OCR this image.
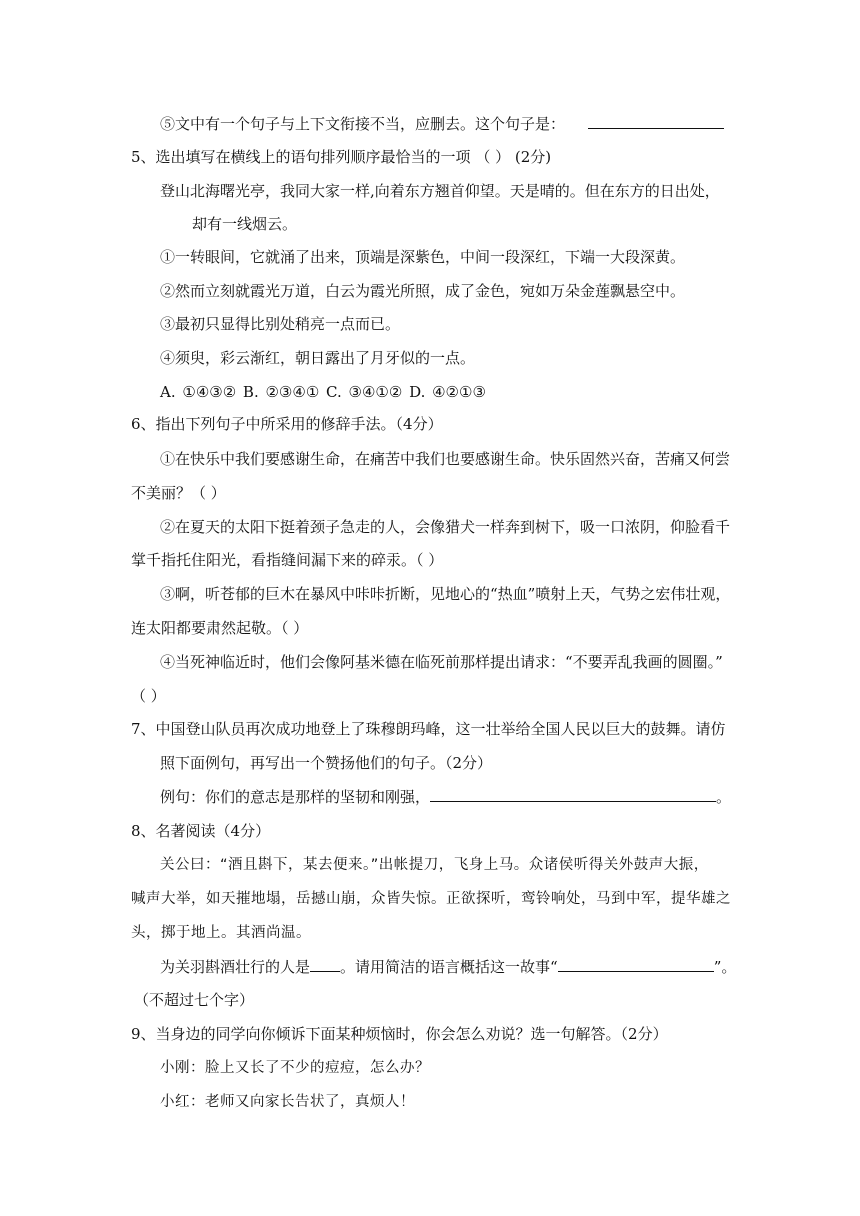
⑤文中有一个句子与上下文衔接不当，应删去。这个句子是：
5、选出填写在横线上的语句排列顺序最恰当的一项 （ ） (2分)
登山北海曙光亭，我同大家一样,向着东方翘首仰望。天是晴的。但在东方的日出处，
却有一线烟云。
①一转眼间，它就涌了出来，顶端是深紫色，中间一段深红，下端一大段深黄。
②然而立刻就霞光万道，白云为霞光所照，成了金色，宛如万朵金莲飘悬空中。
③最初只显得比别处稍亮一点而已。
④须臾，彩云渐红，朝日露出了月牙似的一点。
A. ①④③② B. ②③④① C. ③④①② D. ④②①③
6、指出下列句子中所采用的修辞手法。（4分）
①在快乐中我们要感谢生命，在痛苦中我们也要感谢生命。快乐固然兴奋，苦痛又何尝
不美丽？（ ）
②在夏天的太阳下挺着颈子急走的人，会像猎犬一样奔到树下，吸一口浓阴，仰脸看千
掌千指托住阳光，看指缝间漏下来的碎汞。（ ）
③啊，听苍郁的巨木在暴风中咔咔折断，见地心的“热血”喷射上天，气势之宏伟壮观，
连太阳都要肃然起敬。（ ）
④当死神临近时，他们会像阿基米德在临死前那样提出请求：“不要弄乱我画的圆圈。”
（ ）
7、中国登山队员再次成功地登上了珠穆朗玛峰，这一壮举给全国人民以巨大的鼓舞。请仿
照下面例句，再写出一个赞扬他们的句子。（2分）
例句：你们的意志是那样的坚韧和刚强，	。
8、名著阅读（4分）
关公曰：“酒且斟下，某去便来。”出帐提刀，飞身上马。众诸侯听得关外鼓声大振，
喊声大举，如天摧地塌，岳撼山崩，众皆失惊。正欲探听，鸾铃响处，马到中军，提华雄之
头，掷于地上。其酒尚温。
为关羽斟酒壮行的人是 。请用简洁的语言概括这一故事“	”。
（不超过七个字）
9、当身边的同学向你倾诉下面某种烦恼时，你会怎么劝说？选一句解答。（2分）
小刚：脸上又长了不少的痘痘，怎么办？
小红：老师又向家长告状了，真烦人！
